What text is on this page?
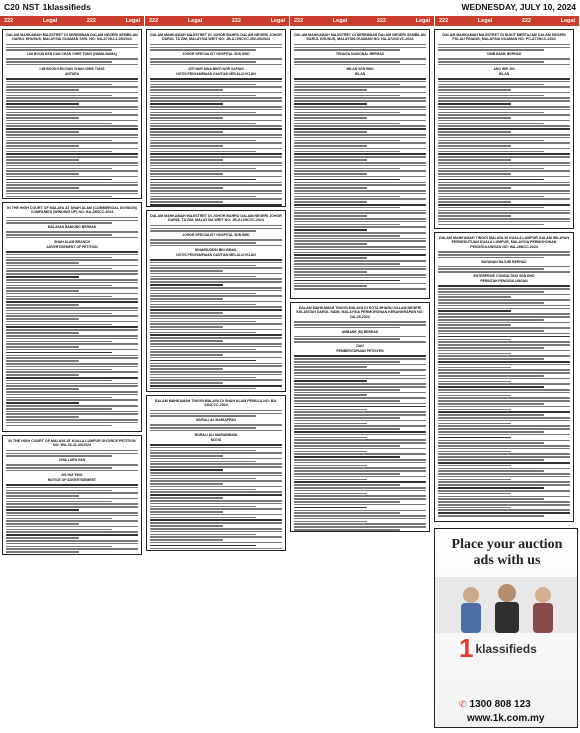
C20 NST 1klassifieds	WEDNESDAY, JULY 10, 2024
222	Legal	222	Legal 222	Legal	222	Legal 222	Legal	222	Legal 222	Legal	222	Legal
DALAM MAHKAMAH MAJISTRET DI SEREMBAN DALAM NEGERI SEMBILAN DARUL KHUSUS, MALAYSIA GUAMAN SIVIL NO: NA-A72KJ-1-05/2024
LIM BOON KEN DAN CHAN CHEE TUNG (NAMA-NAMA)
LIM BOON KEN DAN CHAN CHEE TUNG
ANTARA
IN THE HIGH COURT OF MALAYA AT SHAH ALAM (COMMERCIAL DIVISION) COMPANIES (WINDING UP) NO: BA-28NCC-2024
MALAYAN BANKING BERHAD
SHAH ALAM BRANCH
ADVERTISEMENT OF PETITION
IN THE HIGH COURT OF MALAYA AT KUALA LUMPUR DIVORCE PETITION NO: WA-33-41-09/2024
CHIA LUEN HAN
NG HUI YING
NOTICE OF ADVERTISEMENT
DALAM MAHKAMAH MAJISTRET DI JOHOR BAHRU DALAM NEGERI JOHOR DARUL TA'ZIM, MALAYSIA WRIT NO: JB-A72NCVC-452-09/2024
JOHOR SPECIALIST HOSPITAL SDN BHD
SITI NUR AINA BINTI NOR SAFIAN
NOTIS PENYAMPAIAN GANTIAN MELALUI IKLAN
DALAM MAHKAMAH MAJISTRET DI JOHOR BAHRU DALAM NEGERI JOHOR DARUL TA'ZIM, MALAYSIA WRIT NO: JB-A72NCVC-2024
JOHOR SPECIALIST HOSPITAL SDN BHD
SHAMSUDDIN BIN ISMAIL
NOTIS PENYAMPAIAN GANTIAN MELALUI IKLAN
DALAM MAHKAMAH TINGGI MALAYA DI SHAH ALAM PEMULA NO: BA-24NCVC-2024
MURALI AL MARIAPPAN
MURALI ALI MARIANMANI
NOTIS
DALAM MAHKAMAH MAJISTRET DI SEREMBAN DALAM NEGERI SEMBILAN DARUL KHUSUS, MALAYSIA GUAMAN NO: NA-A72NCVC-2024
TENAGA NASIONAL BERHAD
MILAN SDN BHD
IKLAN
DALAM MAHKAMAH TINGGI MALAYA DI KOTA BHARU DALAM NEGERI KELANTAN DARUL NAIM, MALAYSIA PERMOHONAN KEBANKRAPAN NO: DA-29-2024
AMBANK (M) BERHAD
DAN
PEMBERITAHUAN PETISYEN
DALAM MAHKAMAH MAJISTRET DI BUKIT MERTAJAM DALAM NEGERI PULAU PINANG, MALAYSIA GUAMAN NO: PC-A72NCC-2024
CIMB BANK BERHAD
ANG WEI JIN
IKLAN
DALAM MAHKAMAH TINGGI MALAYA DI KUALA LUMPUR DALAM WILAYAH PERSEKUTUAN KUALA LUMPUR, MALAYSIA PERMOHONAN PENGGULUNGAN NO: WA-28NCC-2024
BAYANAN BAJURI BERHAD
ENTERPRISE CONSULTING SDN BHD
PERINTAH PENGGULUNGAN
Place your auction ads with us
1 klassifieds
✆ 1300 808 123
www.1k.com.my
